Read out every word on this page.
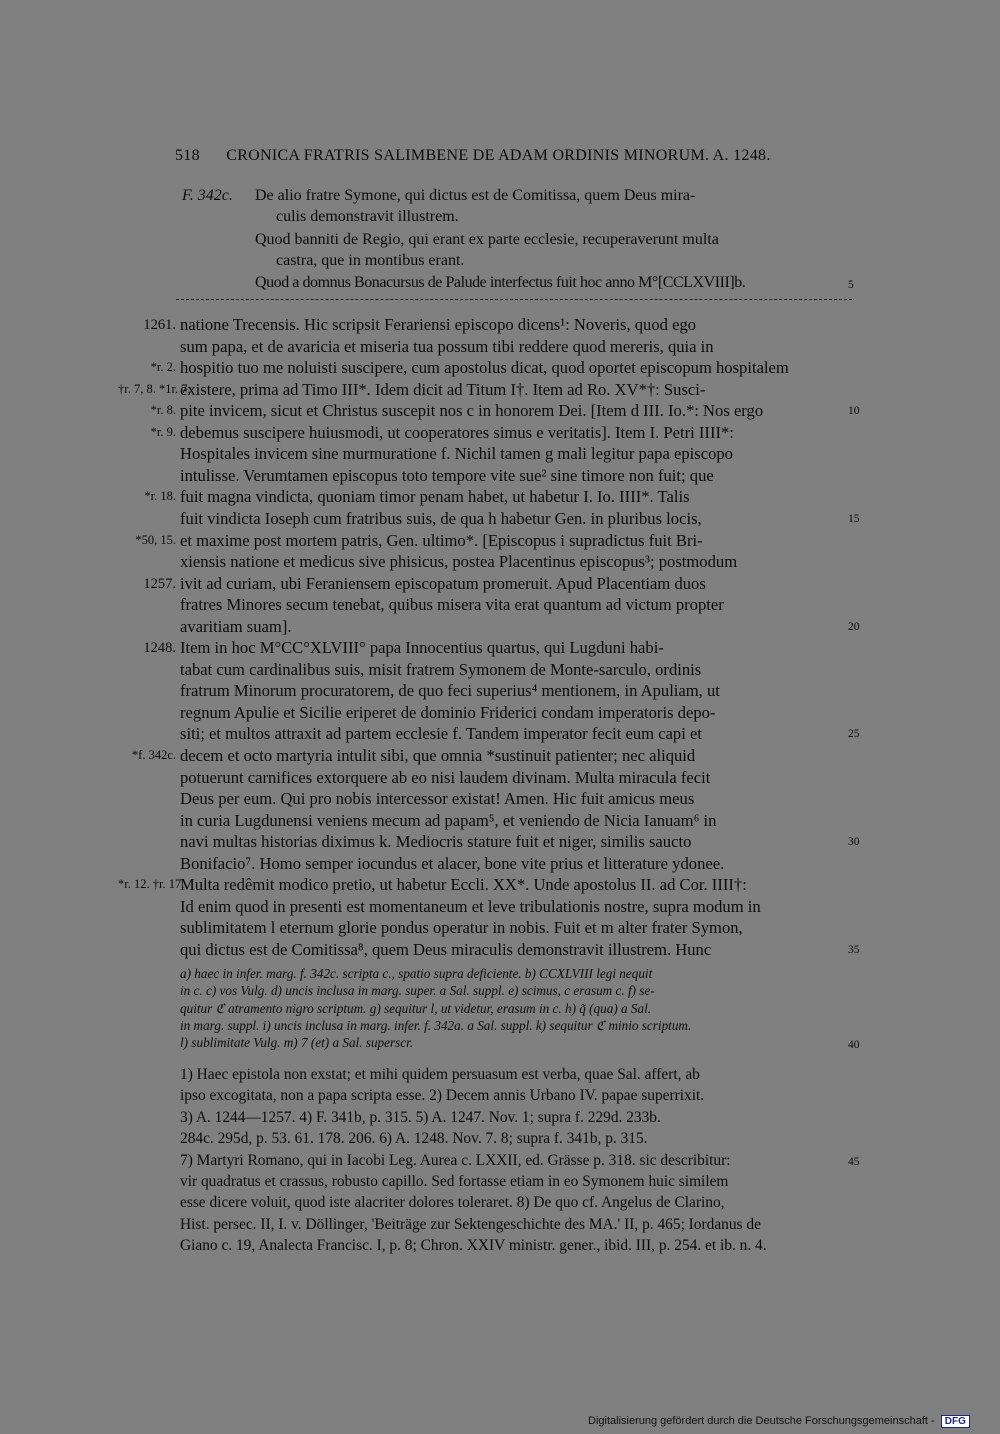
518 CRONICA FRATRIS SALIMBENE DE ADAM ORDINIS MINORUM. A. 1248.
F. 342c. De alio fratre Symone, qui dictus est de Comitissa, quem Deus mira-
culis demonstravit illustrem.
Quod banniti de Regio, qui erant ex parte ecclesie, recuperaverunt multa
castra, que in montibus erant.
Quod a domnus Bonacursus de Palude interfectus fuit hoc anno M°[CCLXVIII]b.	5
natione Trecensis. Hic scripsit Ferariensi episcopo dicens¹: Noveris, quod ego
1261.
sum papa, et de avaricia et miseria tua possum tibi reddere quod mereris, quia in
hospitio tuo me noluisti suscipere, cum apostolus dicat, quod oportet episcopum hospitalem
*r. 2.
existere, prima ad Timo III*. Idem dicit ad Titum I†. Item ad Ro. XV*†: Susci-
†r. 7, 8. *1r. 7.
pite invicem, sicut et Christus suscepit nos c in honorem Dei. [Item d III. Io.*: Nos ergo
*r. 8.	10
debemus suscipere huiusmodi, ut cooperatores simus e veritatis]. Item I. Petri IIII*:
*r. 9.
Hospitales invicem sine murmuratione f. Nichil tamen g mali legitur papa episcopo
intulisse. Verumtamen episcopus toto tempore vite sue² sine timore non fuit; que
fuit magna vindicta, quoniam timor penam habet, ut habetur I. Io. IIII*. Talis
*r. 18.
fuit vindicta Ioseph cum fratribus suis, de qua h habetur Gen. in pluribus locis,	15
et maxime post mortem patris, Gen. ultimo*. [Episcopus i supradictus fuit Bri-
*50, 15.
xiensis natione et medicus sive phisicus, postea Placentinus episcopus³; postmodum
ivit ad curiam, ubi Feraniensem episcopatum promeruit. Apud Placentiam duos
1257.
fratres Minores secum tenebat, quibus misera vita erat quantum ad victum propter
avaritiam suam].	20
Item in hoc M°CC°XLVIII° papa Innocentius quartus, qui Lugduni habi-
1248.
tabat cum cardinalibus suis, misit fratrem Symonem de Monte-sarculo, ordinis
fratrum Minorum procuratorem, de quo feci superius⁴ mentionem, in Apuliam, ut
regnum Apulie et Sicilie eriperet de dominio Friderici condam imperatoris depo-
siti; et multos attraxit ad partem ecclesie f. Tandem imperator fecit eum capi et	25
decem et octo martyria intulit sibi, que omnia *sustinuit patienter; nec aliquid
*f. 342c.
potuerunt carnifices extorquere ab eo nisi laudem divinam. Multa miracula fecit
Deus per eum. Qui pro nobis intercessor existat! Amen. Hic fuit amicus meus
in curia Lugdunensi veniens mecum ad papam⁵, et veniendo de Nicia Ianuam⁶ in
navi multas historias diximus k. Mediocris stature fuit et niger, similis saucto	30
Bonifacio⁷. Homo semper iocundus et alacer, bone vite prius et litterature ydonee.
Multa redêmit modico pretio, ut habetur Eccli. XX*. Unde apostolus II. ad Cor. IIII†:
*r. 12. †r. 17.
Id enim quod in presenti est momentaneum et leve tribulationis nostre, supra modum in
sublimitatem l eternum glorie pondus operatur in nobis. Fuit et m alter frater Symon,
qui dictus est de Comitissa⁸, quem Deus miraculis demonstravit illustrem. Hunc	35
a) haec in infer. marg. f. 342c. scripta c., spatio supra deficiente. b) CCXLVIII legi nequit
in c. c) vos Vulg. d) uncis inclusa in marg. super. a Sal. suppl. e) scimus, c erasum c. f) se-
quitur ℭ atramento nigro scriptum. g) sequitur l, ut videtur, erasum in c. h) q̃ (qua) a Sal.
in marg. suppl. i) uncis inclusa in marg. infer. f. 342a. a Sal. suppl. k) sequitur ℭ minio scriptum.
l) sublimitate Vulg. m) 7 (et) a Sal. superscr.	40
1) Haec epistola non exstat; et mihi quidem persuasum est verba, quae Sal. affert, ab
ipso excogitata, non a papa scripta esse. 2) Decem annis Urbano IV. papae superrixit.
3) A. 1244—1257. 4) F. 341b, p. 315. 5) A. 1247. Nov. 1; supra f. 229d. 233b.
284c. 295d, p. 53. 61. 178. 206. 6) A. 1248. Nov. 7. 8; supra f. 341b, p. 315.
7) Martyri Romano, qui in Iacobi Leg. Aurea c. LXXII, ed. Grässe p. 318. sic describitur:	45
vir quadratus et crassus, robusto capillo. Sed fortasse etiam in eo Symonem huic similem
esse dicere voluit, quod iste alacriter dolores toleraret. 8) De quo cf. Angelus de Clarino,
Hist. persec. II, I. v. Döllinger, 'Beiträge zur Sektengeschichte des MA.' II, p. 465; Iordanus de
Giano c. 19, Analecta Francisc. I, p. 8; Chron. XXIV ministr. gener., ibid. III, p. 254. et ib. n. 4.
Digitalisierung gefördert durch die Deutsche Forschungsgemeinschaft - DFG
